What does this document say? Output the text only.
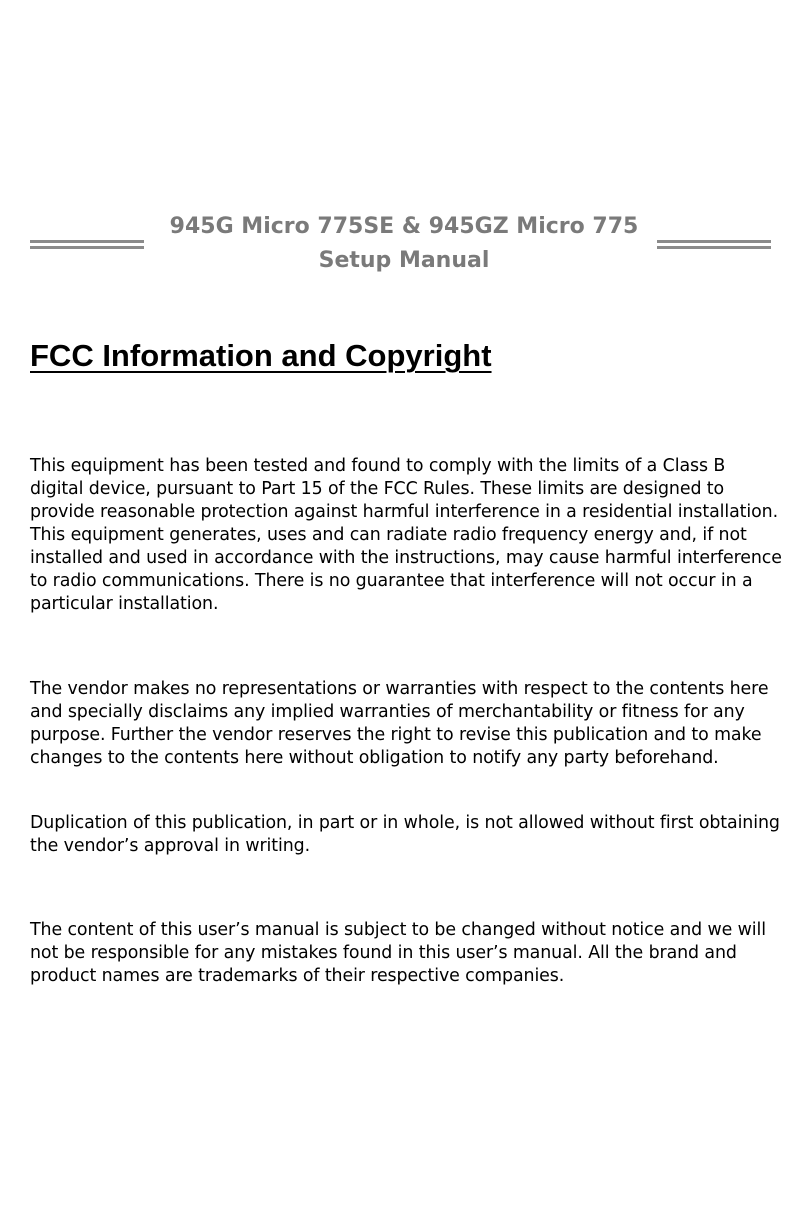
945G Micro 775SE & 945GZ Micro 775
Setup Manual
FCC Information and Copyright

This equipment has been tested and found to comply with the limits of a Class B digital device, pursuant to Part 15 of the FCC Rules. These limits are designed to provide reasonable protection against harmful interference in a residential installation. This equipment generates, uses and can radiate radio frequency energy and, if not installed and used in accordance with the instructions, may cause harmful interference to radio communications. There is no guarantee that interference will not occur in a particular installation.

The vendor makes no representations or warranties with respect to the contents here and specially disclaims any implied warranties of merchantability or fitness for any purpose. Further the vendor reserves the right to revise this publication and to make changes to the contents here without obligation to notify any party beforehand.

Duplication of this publication, in part or in whole, is not allowed without first obtaining the vendor’s approval in writing.

The content of this user’s manual is subject to be changed without notice and we will not be responsible for any mistakes found in this user’s manual. All the brand and product names are trademarks of their respective companies.
